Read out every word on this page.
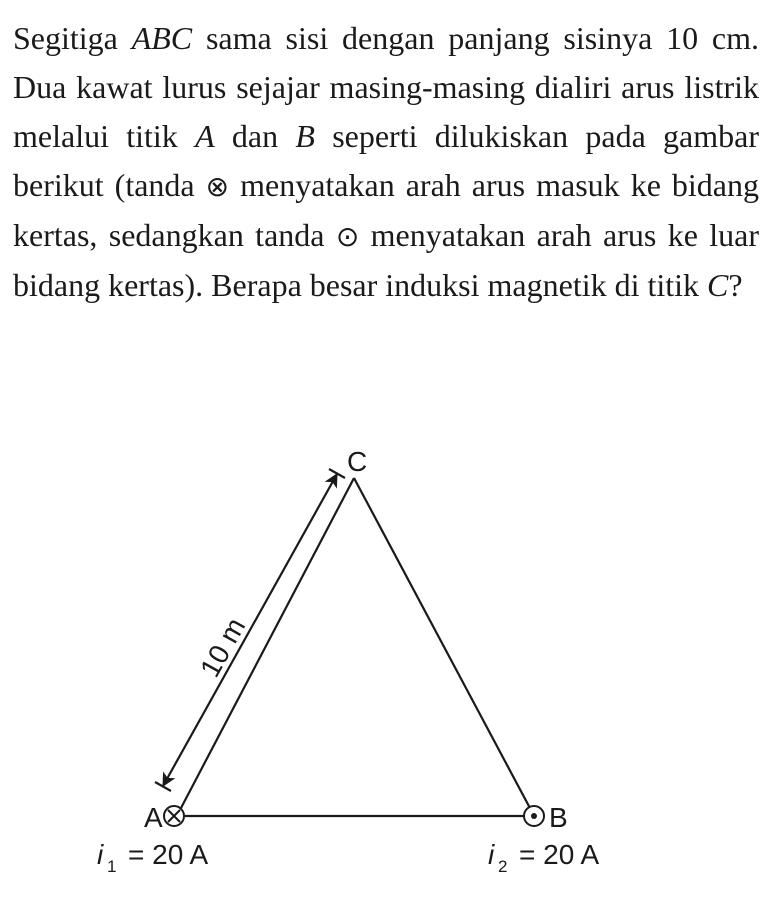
Segitiga ABC sama sisi dengan panjang sisinya 10 cm. Dua kawat lurus sejajar masing-masing dialiri arus listrik melalui titik A dan B seperti dilukiskan pada gambar berikut (tanda ⊗ menyatakan arah arus masuk ke bidang kertas, sedangkan tanda ⊙ menyatakan arah arus ke luar bidang kertas). Berapa besar induksi magnetik di titik C?

10 m
A	B
C
i 1 = 20 A	i 2 = 20 A
